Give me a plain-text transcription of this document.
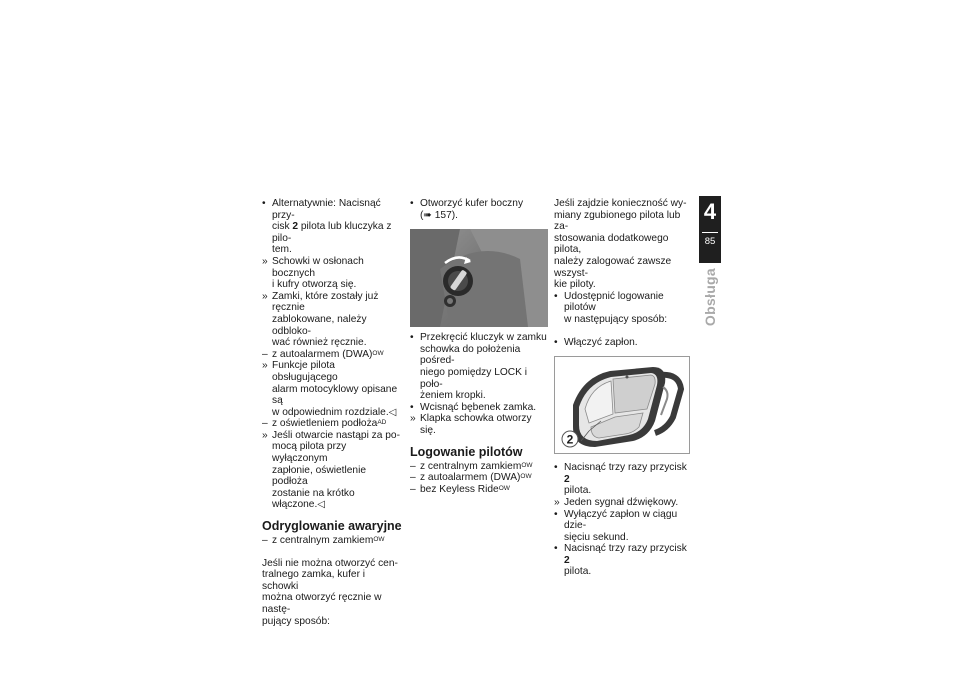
• Alternatywnie: Nacisnąć przy-
cisk 2 pilota lub kluczyka z pilo-
tem.
» Schowki w osłonach bocznych
i kufry otworzą się.
» Zamki, które zostały już ręcznie
zablokowane, należy odbloko-
wać również ręcznie.
– z autoalarmem (DWA)$^{OW}$
» Funkcje pilota obsługującego
alarm motocyklowy opisane są
w odpowiednim rozdziale.◁
– z oświetleniem podłoża$^{AD}$
» Jeśli otwarcie nastąpi za po-
mocą pilota przy wyłączonym
zapłonie, oświetlenie podłoża
zostanie na krótko włączone.◁
Odryglowanie awaryjne
– z centralnym zamkiem$^{OW}$

Jeśli nie można otworzyć cen-
tralnego zamka, kufer i schowki
można otworzyć ręcznie w nastę-
pujący sposób:

• Otworzyć kufer boczny
(➠ 157).
• Przekręcić kluczyk w zamku
schowka do położenia pośred-
niego pomiędzy LOCK i poło-
żeniem kropki.
• Wcisnąć bębenek zamka.
» Klapka schowka otworzy się.
Logowanie pilotów
– z centralnym zamkiem$^{OW}$
– z autoalarmem (DWA)$^{OW}$
– bez Keyless Ride$^{OW}$

Jeśli zajdzie konieczność wy-
miany zgubionego pilota lub za-
stosowania dodatkowego pilota,
należy zalogować zawsze wszyst-
kie piloty.

• Udostępnić logowanie pilotów
w następujący sposób:
• Włączyć zapłon.
2
• Nacisnąć trzy razy przycisk 2
pilota.
» Jeden sygnał dźwiękowy.
• Wyłączyć zapłon w ciągu dzie-
sięciu sekund.
• Nacisnąć trzy razy przycisk 2
pilota.
4
85
Obsługa
